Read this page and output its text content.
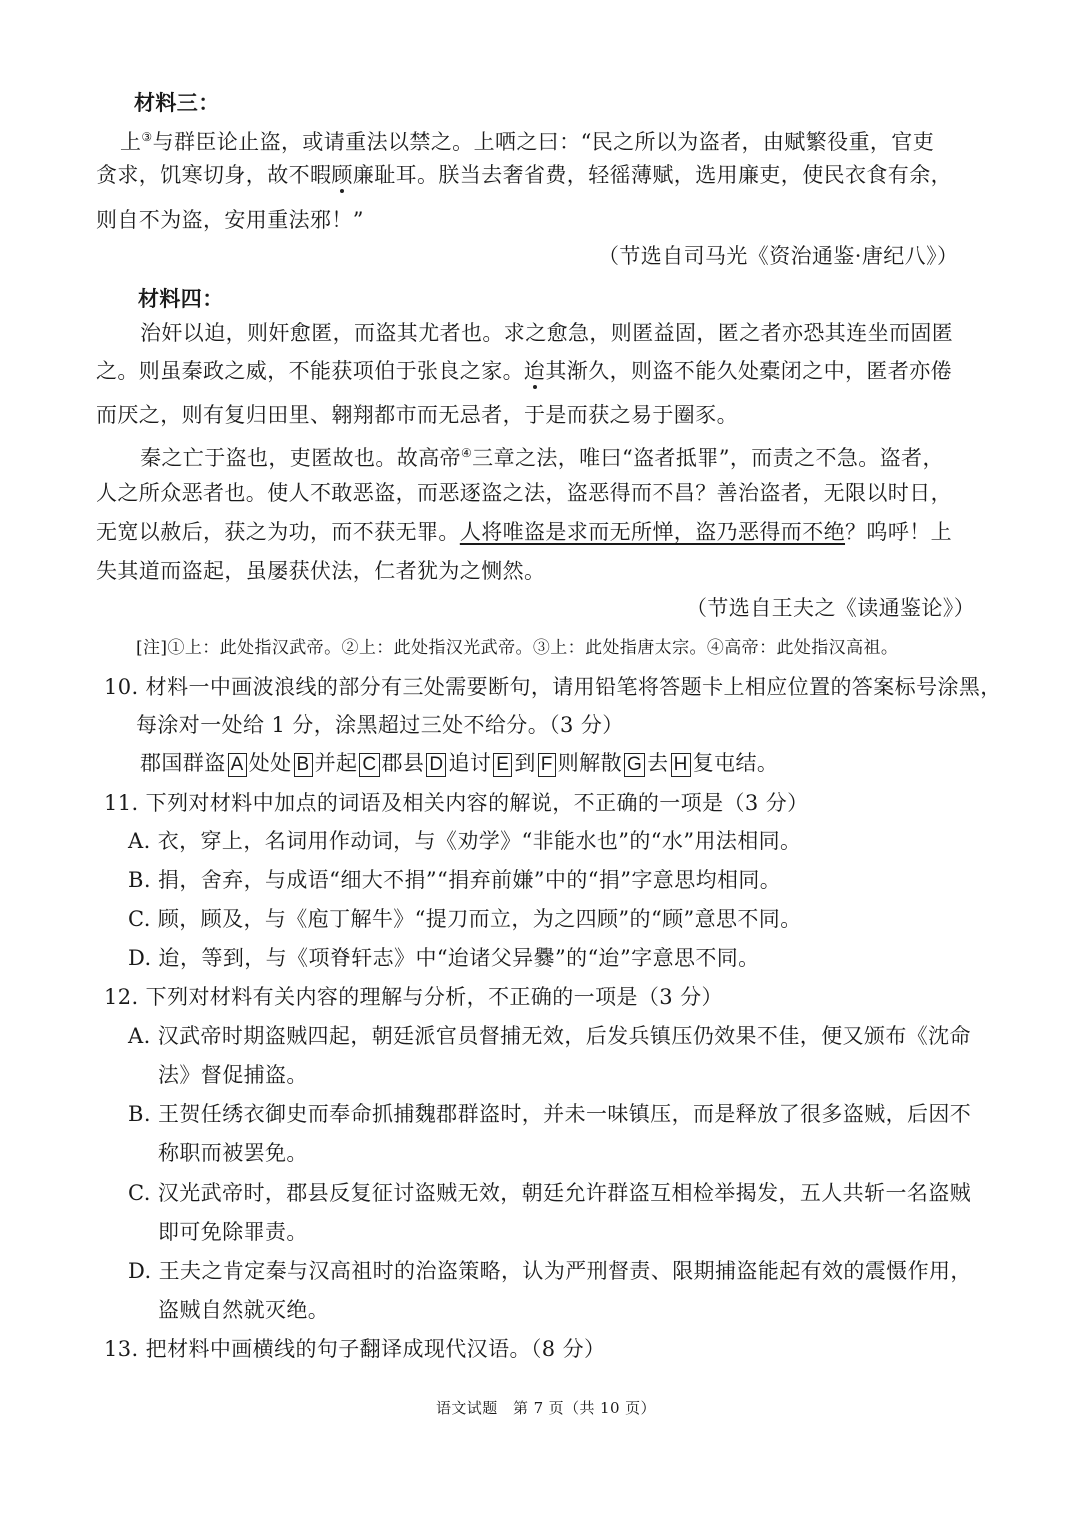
材料三：
上③与群臣论止盗，或请重法以禁之。上哂之曰：“民之所以为盗者，由赋繁役重，官吏
贪求，饥寒切身，故不暇顾廉耻耳。朕当去奢省费，轻徭薄赋，选用廉吏，使民衣食有余，
则自不为盗，安用重法邪！”
（节选自司马光《资治通鉴·唐纪八》）
材料四：
治奸以迫，则奸愈匿，而盗其尤者也。求之愈急，则匿益固，匿之者亦恐其连坐而固匿
之。则虽秦政之威，不能获项伯于张良之家。迨其渐久，则盗不能久处橐闭之中，匿者亦倦
而厌之，则有复归田里、翱翔都市而无忌者，于是而获之易于圈豕。
秦之亡于盗也，吏匿故也。故高帝④三章之法，唯曰“盗者抵罪”，而责之不急。盗者，
人之所众恶者也。使人不敢恶盗，而恶逐盗之法，盗恶得而不昌？善治盗者，无限以时日，
无宽以赦后，获之为功，而不获无罪。人将唯盗是求而无所惮，盗乃恶得而不绝？呜呼！上
失其道而盗起，虽屡获伏法，仁者犹为之恻然。
（节选自王夫之《读通鉴论》）
[注]①上：此处指汉武帝。②上：此处指汉光武帝。③上：此处指唐太宗。④高帝：此处指汉高祖。
10. 材料一中画波浪线的部分有三处需要断句，请用铅笔将答题卡上相应位置的答案标号涂黑，
每涂对一处给 1 分，涂黑超过三处不给分。（3 分）
郡国群盗 A 处处 B 并起 C 郡县 D 追讨 E 到 F 则解散 G 去 H 复屯结。
11. 下列对材料中加点的词语及相关内容的解说，不正确的一项是（3 分）
A. 衣，穿上，名词用作动词，与《劝学》“非能水也”的“水”用法相同。
B. 捐，舍弃，与成语“细大不捐”“捐弃前嫌”中的“捐”字意思均相同。
C. 顾，顾及，与《庖丁解牛》“提刀而立，为之四顾”的“顾”意思不同。
D. 迨，等到，与《项脊轩志》中“迨诸父异爨”的“迨”字意思不同。
12. 下列对材料有关内容的理解与分析，不正确的一项是（3 分）
A. 汉武帝时期盗贼四起，朝廷派官员督捕无效，后发兵镇压仍效果不佳，便又颁布《沈命
法》督促捕盗。
B. 王贺任绣衣御史而奉命抓捕魏郡群盗时，并未一味镇压，而是释放了很多盗贼，后因不
称职而被罢免。
C. 汉光武帝时，郡县反复征讨盗贼无效，朝廷允许群盗互相检举揭发，五人共斩一名盗贼
即可免除罪责。
D. 王夫之肯定秦与汉高祖时的治盗策略，认为严刑督责、限期捕盗能起有效的震慑作用，
盗贼自然就灭绝。
13. 把材料中画横线的句子翻译成现代汉语。（8 分）
语文试题　第 7 页（共 10 页）
